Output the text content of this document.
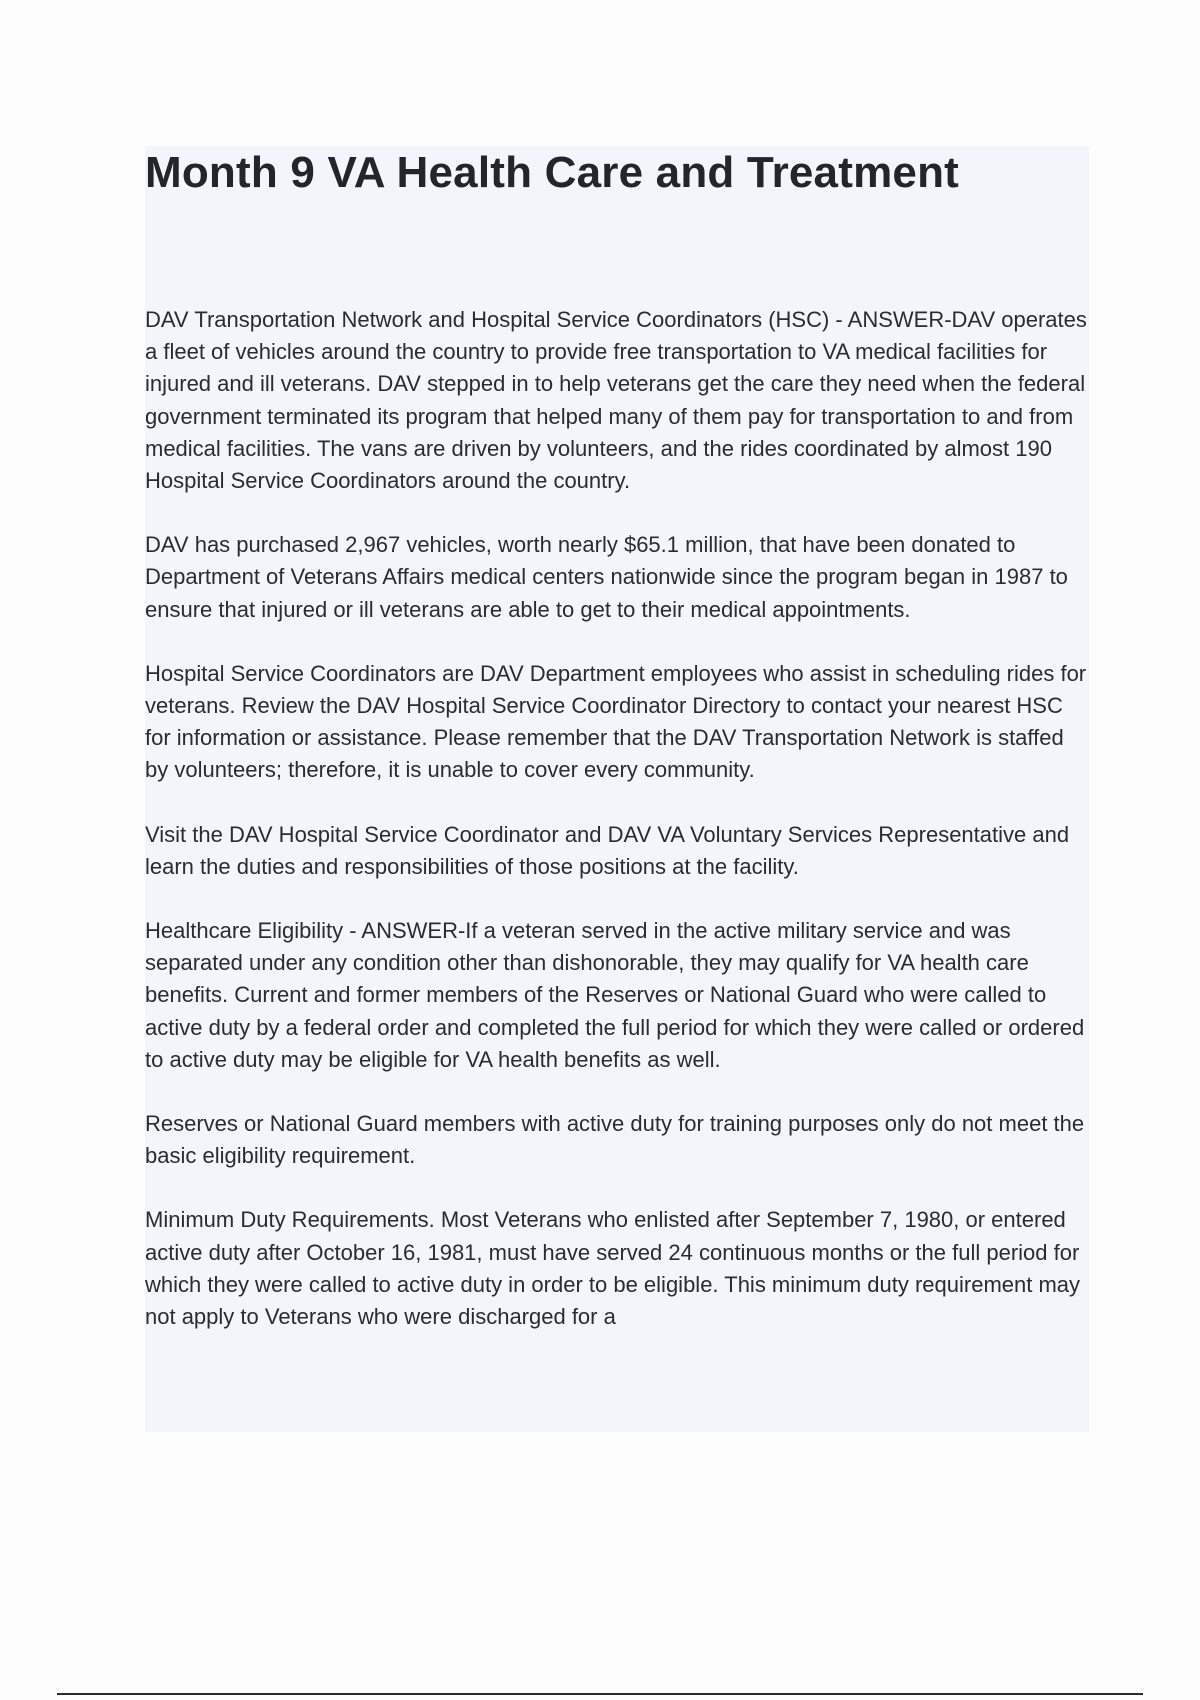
Month 9 VA Health Care and Treatment

DAV Transportation Network and Hospital Service Coordinators (HSC) - ANSWER-DAV operates a fleet of vehicles around the country to provide free transportation to VA medical facilities for injured and ill veterans. DAV stepped in to help veterans get the care they need when the federal government terminated its program that helped many of them pay for transportation to and from medical facilities. The vans are driven by volunteers, and the rides coordinated by almost 190 Hospital Service Coordinators around the country.

DAV has purchased 2,967 vehicles, worth nearly $65.1 million, that have been donated to Department of Veterans Affairs medical centers nationwide since the program began in 1987 to ensure that injured or ill veterans are able to get to their medical appointments.

Hospital Service Coordinators are DAV Department employees who assist in scheduling rides for veterans. Review the DAV Hospital Service Coordinator Directory to contact your nearest HSC for information or assistance. Please remember that the DAV Transportation Network is staffed by volunteers; therefore, it is unable to cover every community.

Visit the DAV Hospital Service Coordinator and DAV VA Voluntary Services Representative and learn the duties and responsibilities of those positions at the facility.

Healthcare Eligibility - ANSWER-If a veteran served in the active military service and was separated under any condition other than dishonorable, they may qualify for VA health care benefits. Current and former members of the Reserves or National Guard who were called to active duty by a federal order and completed the full period for which they were called or ordered to active duty may be eligible for VA health benefits as well.

Reserves or National Guard members with active duty for training purposes only do not meet the basic eligibility requirement.

Minimum Duty Requirements. Most Veterans who enlisted after September 7, 1980, or entered active duty after October 16, 1981, must have served 24 continuous months or the full period for which they were called to active duty in order to be eligible. This minimum duty requirement may not apply to Veterans who were discharged for a
